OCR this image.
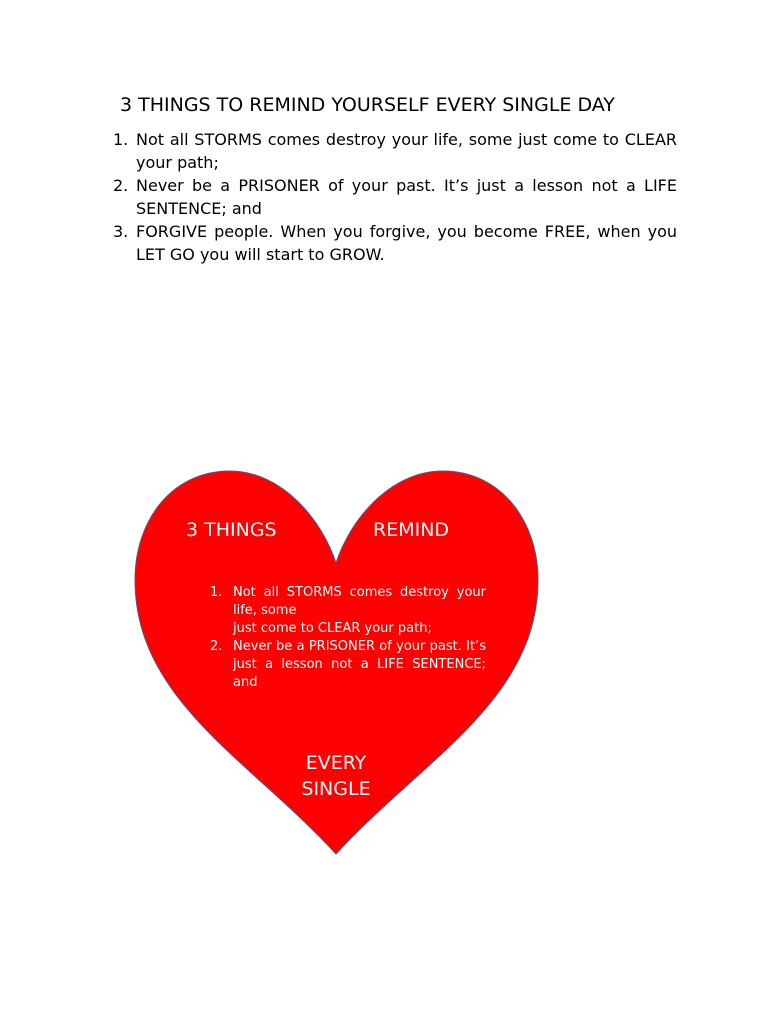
3 THINGS TO REMIND YOURSELF EVERY SINGLE DAY
1. Not all STORMS comes destroy your life, some just come to CLEAR your path;
2. Never be a PRISONER of your past. It’s just a lesson not a LIFE SENTENCE; and
3. FORGIVE people. When you forgive, you become FREE, when you LET GO you will start to GROW.
3 THINGS	REMIND
1. Not all STORMS comes destroy your life, some
just come to CLEAR your path;
2. Never be a PRISONER of your past. It’s just a lesson not a LIFE SENTENCE; and
EVERY
SINGLE
